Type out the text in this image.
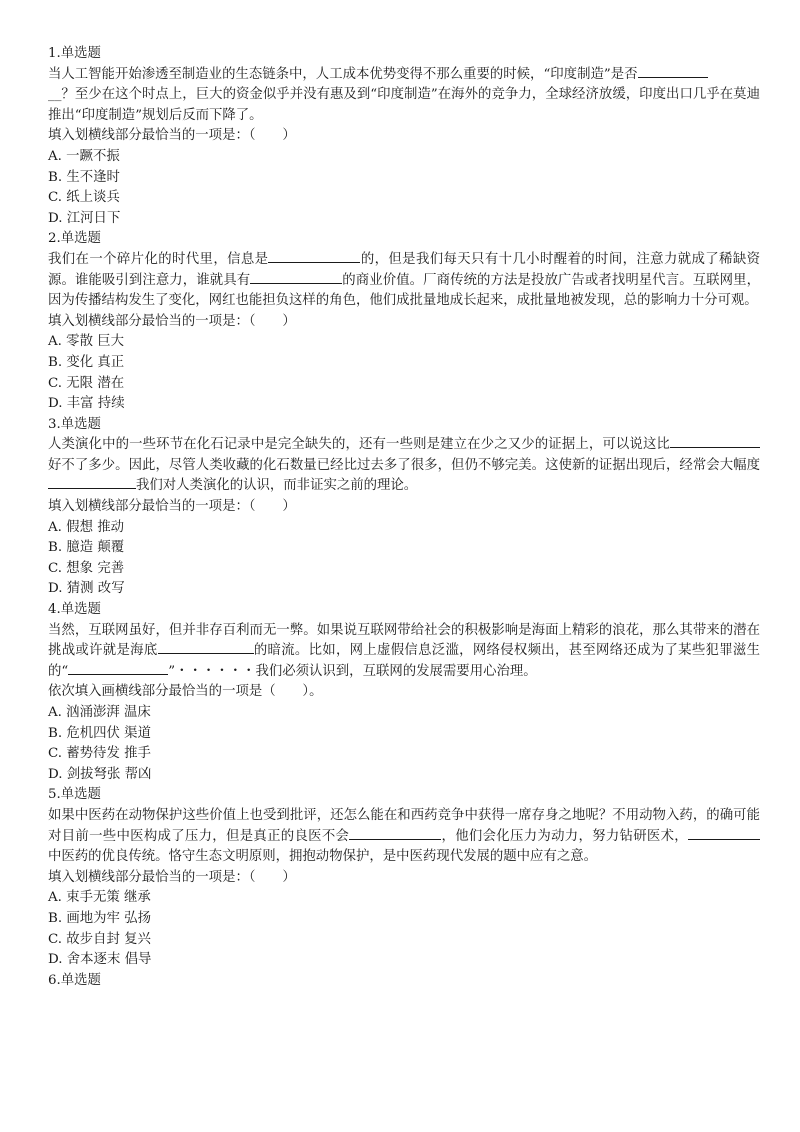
1.单选题

当人工智能开始渗透至制造业的生态链条中，人工成本优势变得不那么重要的时候，“印度制造”是否

__？至少在这个时点上，巨大的资金似乎并没有惠及到“印度制造”在海外的竞争力，全球经济放缓，印度出口几乎在莫迪推出“印度制造”规划后反而下降了。

填入划横线部分最恰当的一项是：（　　）

A. 一蹶不振

B. 生不逢时

C. 纸上谈兵

D. 江河日下

2.单选题

我们在一个碎片化的时代里，信息是	的，但是我们每天只有十几小时醒着的时间，注意力就成了稀缺资源。谁能吸引到注意力，谁就具有	的商业价值。厂商传统的方法是投放广告或者找明星代言。互联网里，因为传播结构发生了变化，网红也能担负这样的角色，他们成批量地成长起来，成批量地被发现，总的影响力十分可观。

填入划横线部分最恰当的一项是：（　　）

A. 零散 巨大

B. 变化 真正

C. 无限 潜在

D. 丰富 持续

3.单选题

人类演化中的一些环节在化石记录中是完全缺失的，还有一些则是建立在少之又少的证据上，可以说这比好不了多少。因此，尽管人类收藏的化石数量已经比过去多了很多，但仍不够完美。这使新的证据出现后，经常会大幅度我们对人类演化的认识，而非证实之前的理论。

填入划横线部分最恰当的一项是：（　　）

A. 假想 推动

B. 臆造 颠覆

C. 想象 完善

D. 猜测 改写

4.单选题

当然，互联网虽好，但并非存百利而无一弊。如果说互联网带给社会的积极影响是海面上精彩的浪花，那么其带来的潜在挑战或许就是海底	的暗流。比如，网上虚假信息泛滥，网络侵权频出，甚至网络还成为了某些犯罪滋生的“	”・・・・・・我们必须认识到，互联网的发展需要用心治理。

依次填入画横线部分最恰当的一项是（　　）。

A. 汹涌澎湃 温床

B. 危机四伏 渠道

C. 蓄势待发 推手

D. 剑拔弩张 帮凶

5.单选题

如果中医药在动物保护这些价值上也受到批评，还怎么能在和西药竞争中获得一席存身之地呢？不用动物入药，的确可能对目前一些中医构成了压力，但是真正的良医不会	，他们会化压力为动力，努力钻研医术，中医药的优良传统。恪守生态文明原则，拥抱动物保护，是中医药现代发展的题中应有之意。

填入划横线部分最恰当的一项是：（　　）

A. 束手无策 继承

B. 画地为牢 弘扬

C. 故步自封 复兴

D. 舍本逐末 倡导

6.单选题
